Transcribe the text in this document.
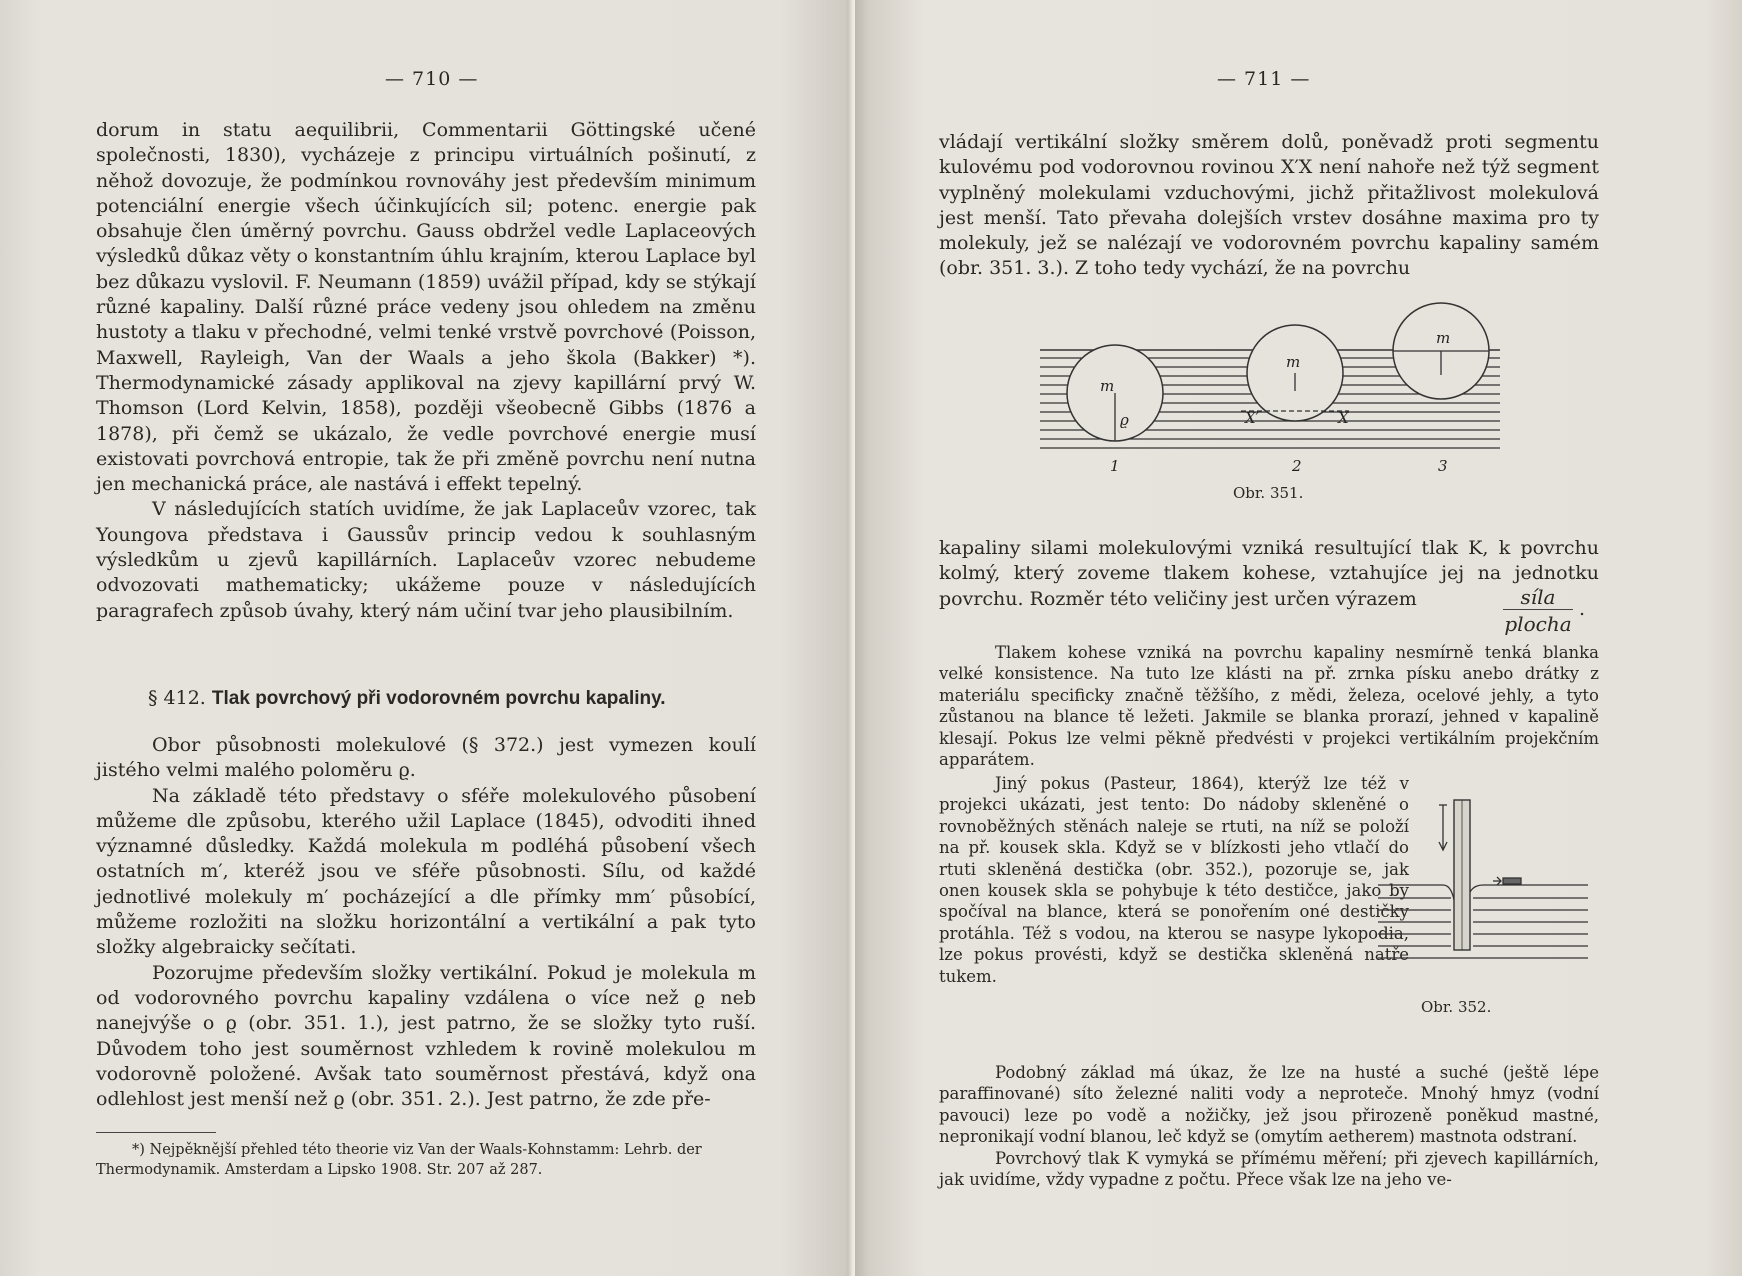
— 710 —

dorum in statu aequilibrii, Commentarii Göttingské učené společnosti, 1830), vycházeje z principu virtuálních pošinutí, z něhož dovozuje, že podmínkou rovnováhy jest především minimum potenciální energie všech účinkujících sil; potenc. energie pak obsahuje člen úměrný povrchu. Gauss obdržel vedle Laplaceových výsledků důkaz věty o konstantním úhlu krajním, kterou Laplace byl bez důkazu vyslovil. F. Neumann (1859) uvážil případ, kdy se stýkají různé kapaliny. Další různé práce vedeny jsou ohledem na změnu hustoty a tlaku v přechodné, velmi tenké vrstvě povrchové (Poisson, Maxwell, Rayleigh, Van der Waals a jeho škola (Bakker) *). Thermodynamické zásady applikoval na zjevy kapillární prvý W. Thomson (Lord Kelvin, 1858), později všeobecně Gibbs (1876 a 1878), při čemž se ukázalo, že vedle povrchové energie musí existovati povrchová entropie, tak že při změně povrchu není nutna jen mechanická práce, ale nastává i effekt tepelný.

V následujících statích uvidíme, že jak Laplaceův vzorec, tak Youngova představa i Gaussův princip vedou k souhlasným výsledkům u zjevů kapillárních. Laplaceův vzorec nebudeme odvozovati mathematicky; ukážeme pouze v následujících paragrafech způsob úvahy, který nám učiní tvar jeho plausibilním.

§ 412. Tlak povrchový při vodorovném povrchu kapaliny.

Obor působnosti molekulové (§ 372.) jest vymezen koulí jistého velmi malého poloměru ϱ.

Na základě této představy o sféře molekulového působení můžeme dle způsobu, kterého užil Laplace (1845), odvoditi ihned významné důsledky. Každá molekula m podléhá působení všech ostatních m′, kteréž jsou ve sféře působnosti. Sílu, od každé jednotlivé molekuly m′ pocházející a dle přímky mm′ působící, můžeme rozložiti na složku horizontální a vertikální a pak tyto složky algebraicky sečítati.

Pozorujme především složky vertikální. Pokud je molekula m od vodorovného povrchu kapaliny vzdálena o více než ϱ neb nanejvýše o ϱ (obr. 351. 1.), jest patrno, že se složky tyto ruší. Důvodem toho jest souměrnost vzhledem k rovině molekulou m vodorovně položené. Avšak tato souměrnost přestává, když ona odlehlost jest menší než ϱ (obr. 351. 2.). Jest patrno, že zde pře-

*) Nejpěknější přehled této theorie viz Van der Waals-Kohnstamm: Lehrb. der Thermodynamik. Amsterdam a Lipsko 1908. Str. 207 až 287.
— 711 —

vládají vertikální složky směrem dolů, poněvadž proti segmentu kulovému pod vodorovnou rovinou X′X není nahoře než týž segment vyplněný molekulami vzduchovými, jichž přitažlivost molekulová jest menší. Tato převaha dolejších vrstev dosáhne maxima pro ty molekuly, jež se nalézají ve vodorovném povrchu kapaliny samém (obr. 351. 3.). Z toho tedy vychází, že na povrchu

m
ϱ
m
X′	X
m
1	2	3
Obr. 351.

kapaliny silami molekulovými vzniká resultující tlak K, k povrchu kolmý, který zoveme tlakem kohese, vztahujíce jej na jednotku povrchu. Rozměr této veličiny jest určen výrazem	síla
plocha
.

Tlakem kohese vzniká na povrchu kapaliny nesmírně tenká blanka velké konsistence. Na tuto lze klásti na př. zrnka písku anebo drátky z materiálu specificky značně těžšího, z mědi, železa, ocelové jehly, a tyto zůstanou na blance tě ležeti. Jakmile se blanka prorazí, jehned v kapalině klesají. Pokus lze velmi pěkně předvésti v projekci vertikálním projekčním apparátem.

Jiný pokus (Pasteur, 1864), kterýž lze též v projekci ukázati, jest tento: Do nádoby skleněné o rovnoběžných stěnách naleje se rtuti, na níž se položí na př. kousek skla. Když se v blízkosti jeho vtlačí do rtuti skleněná destička (obr. 352.), pozoruje se, jak onen kousek skla se pohybuje k této destičce, jako by spočíval na blance, která se ponořením oné destičky protáhla. Též s vodou, na kterou se nasype lykopodia, lze pokus provésti, když se destička skleněná natře tukem.

Obr. 352.

Podobný základ má úkaz, že lze na husté a suché (ještě lépe paraffinované) síto železné naliti vody a neproteče. Mnohý hmyz (vodní pavouci) leze po vodě a nožičky, jež jsou přirozeně poněkud mastné, nepronikají vodní blanou, leč když se (omytím aetherem) mastnota odstraní.

Povrchový tlak K vymyká se přímému měření; při zjevech kapillárních, jak uvidíme, vždy vypadne z počtu. Přece však lze na jeho ve-
